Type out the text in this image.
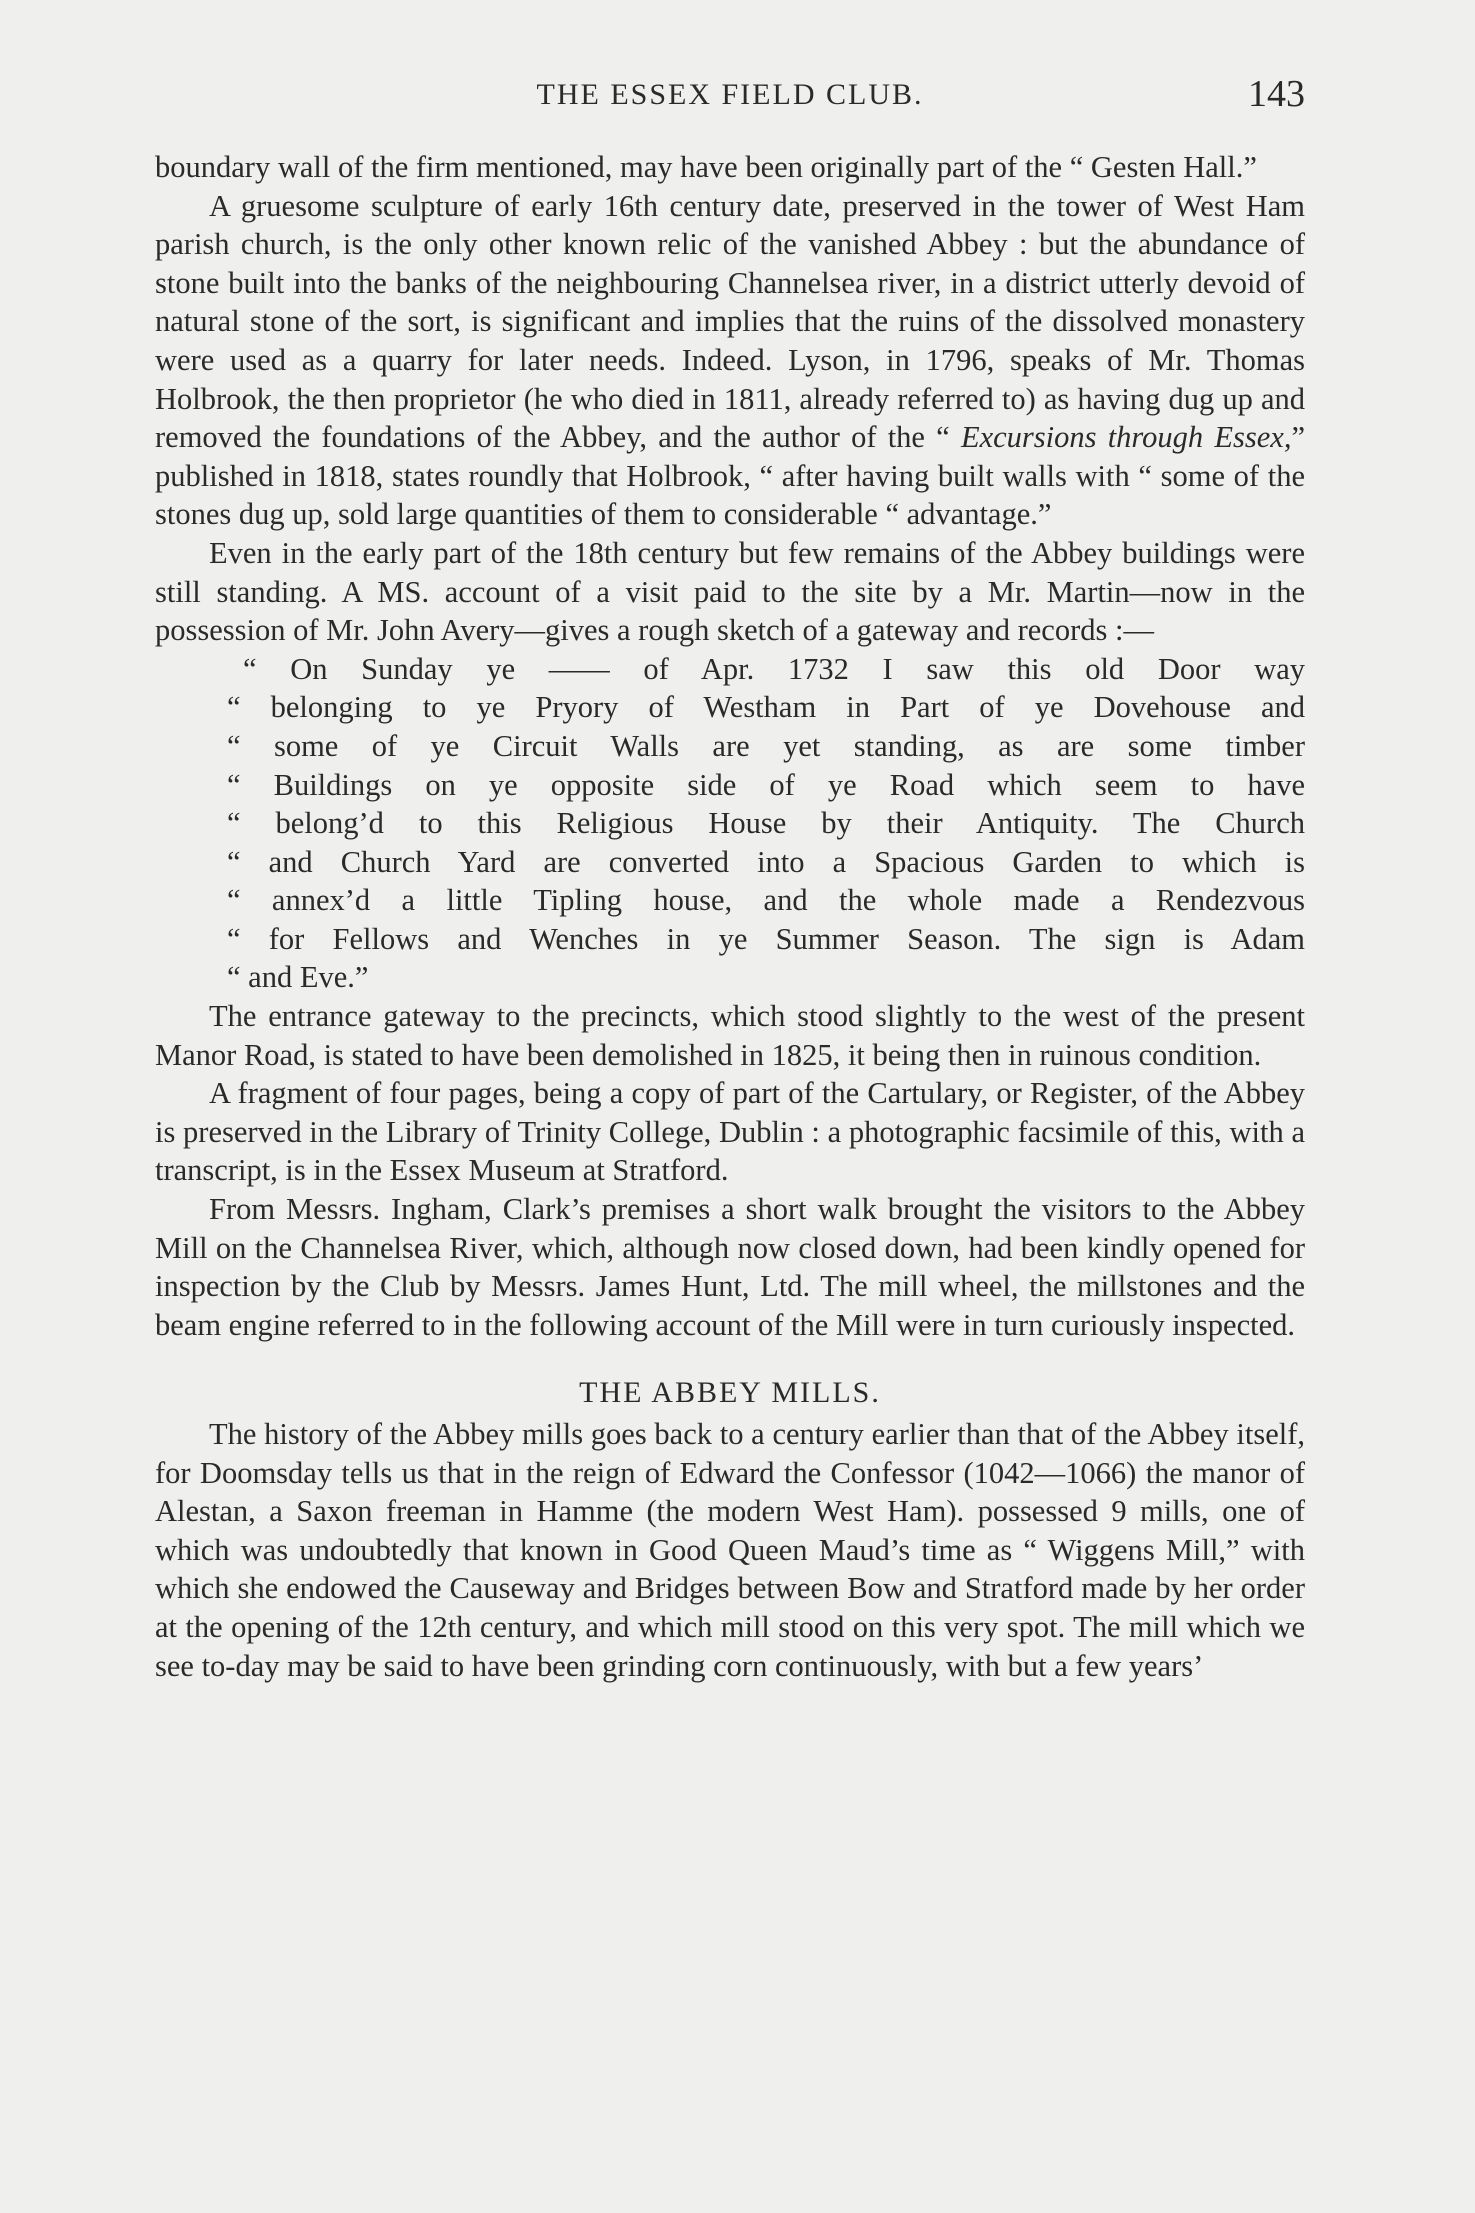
THE ESSEX FIELD CLUB.	143

boundary wall of the firm mentioned, may have been originally part of the “ Gesten Hall.”

A gruesome sculpture of early 16th century date, preserved in the tower of West Ham parish church, is the only other known relic of the vanished Abbey : but the abundance of stone built into the banks of the neighbouring Channelsea river, in a district utterly devoid of natural stone of the sort, is significant and implies that the ruins of the dissolved monastery were used as a quarry for later needs. Indeed. Lyson, in 1796, speaks of Mr. Thomas Holbrook, the then proprietor (he who died in 1811, already referred to) as having dug up and removed the foundations of the Abbey, and the author of the “ Excursions through Essex,” published in 1818, states roundly that Holbrook, “ after having built walls with “ some of the stones dug up, sold large quantities of them to considerable “ advantage.”

Even in the early part of the 18th century but few remains of the Abbey buildings were still standing. A MS. account of a visit paid to the site by a Mr. Martin—now in the possession of Mr. John Avery—gives a rough sketch of a gateway and records :—

“ On Sunday ye —— of Apr. 1732 I saw this old Door way
“ belonging to ye Pryory of Westham in Part of ye Dovehouse and
“ some of ye Circuit Walls are yet standing, as are some timber
“ Buildings on ye opposite side of ye Road which seem to have
“ belong’d to this Religious House by their Antiquity. The Church
“ and Church Yard are converted into a Spacious Garden to which is
“ annex’d a little Tipling house, and the whole made a Rendezvous
“ for Fellows and Wenches in ye Summer Season. The sign is Adam
“ and Eve.”

The entrance gateway to the precincts, which stood slightly to the west of the present Manor Road, is stated to have been demolished in 1825, it being then in ruinous condition.

A fragment of four pages, being a copy of part of the Cartulary, or Register, of the Abbey is preserved in the Library of Trinity College, Dublin : a photographic facsimile of this, with a transcript, is in the Essex Museum at Stratford.

From Messrs. Ingham, Clark’s premises a short walk brought the visitors to the Abbey Mill on the Channelsea River, which, although now closed down, had been kindly opened for inspection by the Club by Messrs. James Hunt, Ltd. The mill wheel, the millstones and the beam engine referred to in the following account of the Mill were in turn curiously inspected.

THE ABBEY MILLS.

The history of the Abbey mills goes back to a century earlier than that of the Abbey itself, for Doomsday tells us that in the reign of Edward the Confessor (1042—1066) the manor of Alestan, a Saxon freeman in Hamme (the modern West Ham). possessed 9 mills, one of which was undoubtedly that known in Good Queen Maud’s time as “ Wiggens Mill,” with which she endowed the Causeway and Bridges between Bow and Stratford made by her order at the opening of the 12th century, and which mill stood on this very spot. The mill which we see to-day may be said to have been grinding corn continuously, with but a few years’
